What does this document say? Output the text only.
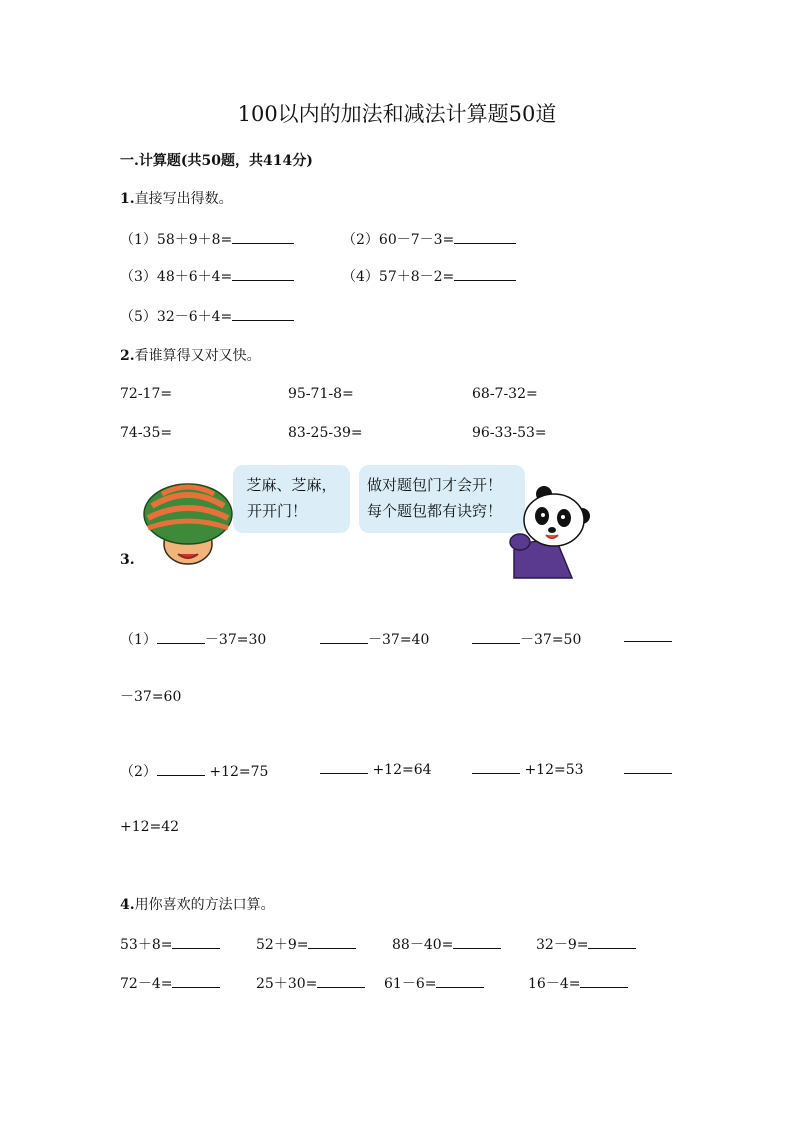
100以内的加法和减法计算题50道
一.计算题(共50题，共414分)
1.直接写出得数。
（1）58＋9＋8=	（2）60－7－3=
（3）48＋6＋4=	（4）57＋8－2=
（5）32－6＋4=
2.看谁算得又对又快。
72-17=	95-71-8=	68-7-32=
74-35=	83-25-39=	96-33-53=
芝麻、芝麻，
开开门！
做对题包门才会开！
每个题包都有诀窍！
3.
（1）	－37=30	－37=40	－37=50
－37=60
（2）	+12=75	+12=64	+12=53
+12=42
4.用你喜欢的方法口算。
53＋8=	52＋9=	88－40=	32－9=
72－4=	25＋30=	61－6=	16－4=
